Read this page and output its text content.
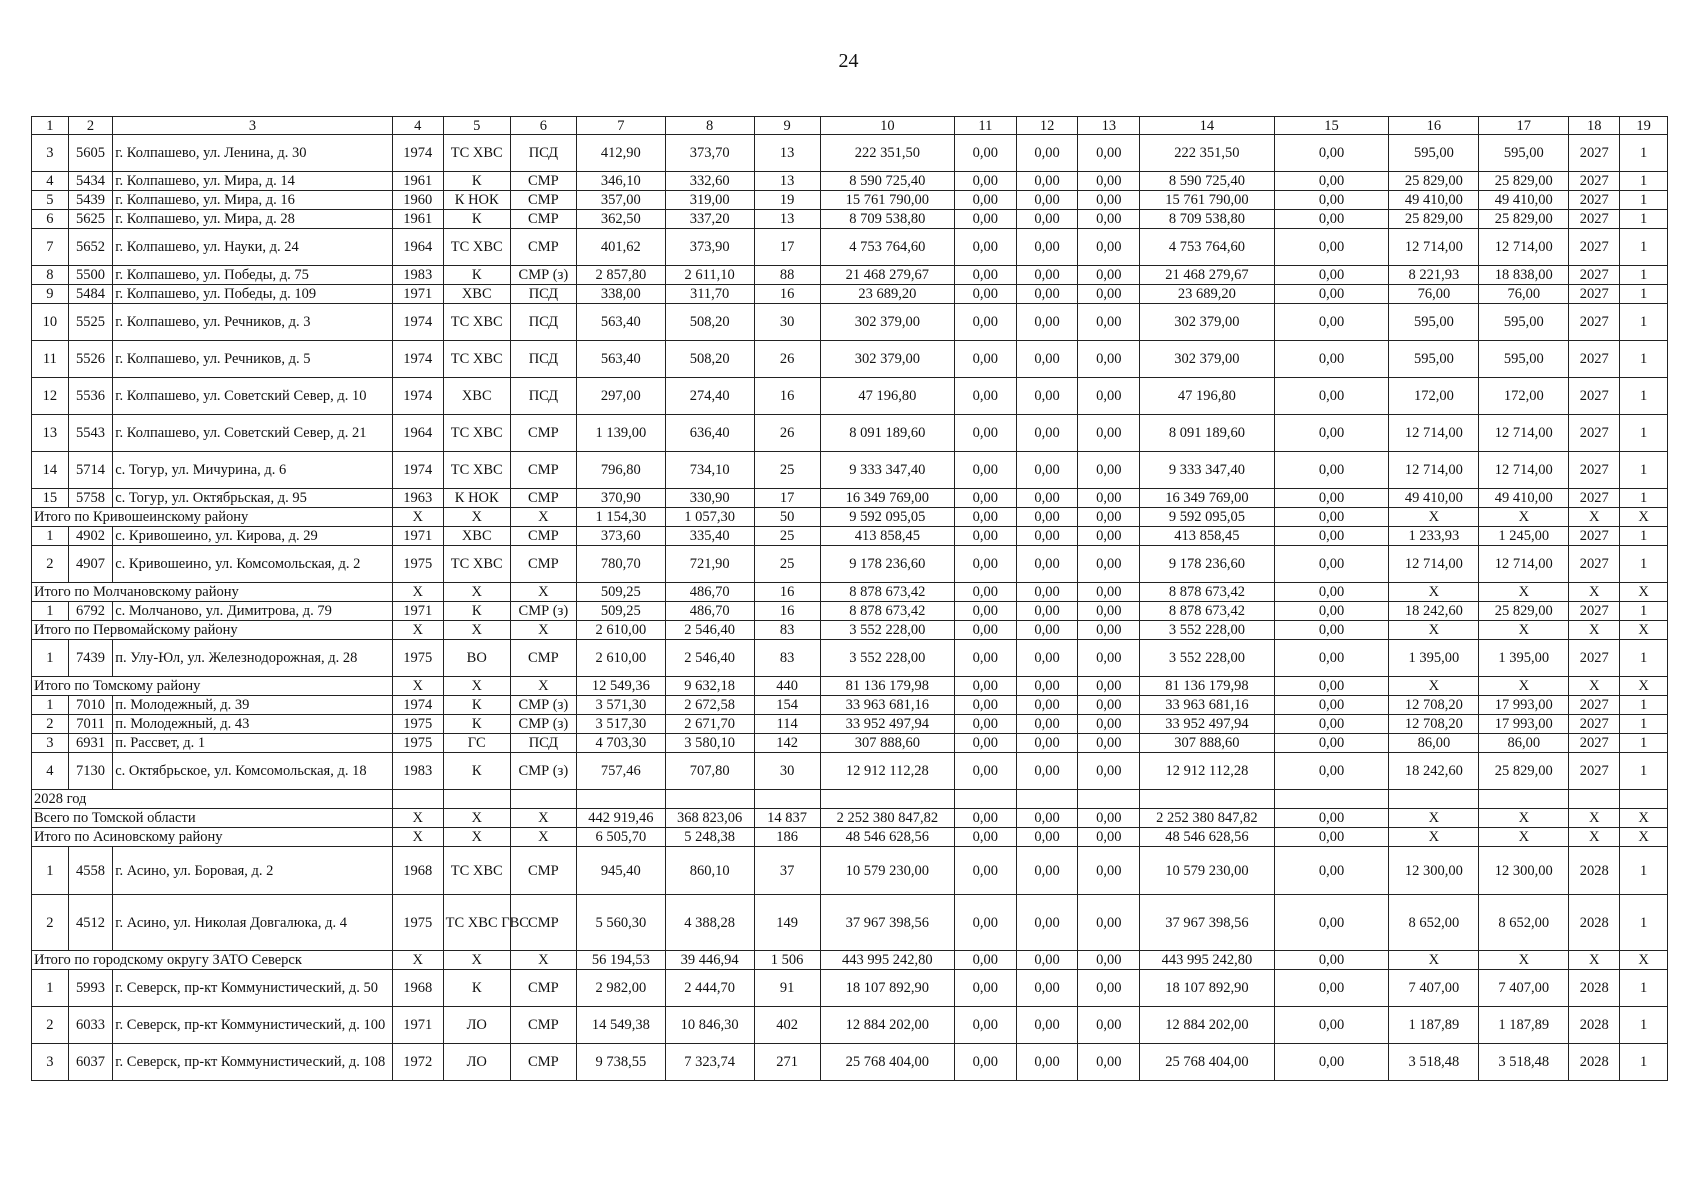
24
1	2	3	4	5	6	7	8	9	10	11	12	13	14	15	16	17	18	19
3	5605	г. Колпашево, ул. Ленина, д. 30	1974	ТС ХВС	ПСД	412,90	373,70	13	222 351,50	0,00	0,00	0,00	222 351,50	0,00	595,00	595,00	2027	1
4	5434	г. Колпашево, ул. Мира, д. 14	1961	К	СМР	346,10	332,60	13	8 590 725,40	0,00	0,00	0,00	8 590 725,40	0,00	25 829,00	25 829,00	2027	1
5	5439	г. Колпашево, ул. Мира, д. 16	1960	К НОК	СМР	357,00	319,00	19	15 761 790,00	0,00	0,00	0,00	15 761 790,00	0,00	49 410,00	49 410,00	2027	1
6	5625	г. Колпашево, ул. Мира, д. 28	1961	К	СМР	362,50	337,20	13	8 709 538,80	0,00	0,00	0,00	8 709 538,80	0,00	25 829,00	25 829,00	2027	1
7	5652	г. Колпашево, ул. Науки, д. 24	1964	ТС ХВС	СМР	401,62	373,90	17	4 753 764,60	0,00	0,00	0,00	4 753 764,60	0,00	12 714,00	12 714,00	2027	1
8	5500	г. Колпашево, ул. Победы, д. 75	1983	К	СМР (з)	2 857,80	2 611,10	88	21 468 279,67	0,00	0,00	0,00	21 468 279,67	0,00	8 221,93	18 838,00	2027	1
9	5484	г. Колпашево, ул. Победы, д. 109	1971	ХВС	ПСД	338,00	311,70	16	23 689,20	0,00	0,00	0,00	23 689,20	0,00	76,00	76,00	2027	1
10	5525	г. Колпашево, ул. Речников, д. 3	1974	ТС ХВС	ПСД	563,40	508,20	30	302 379,00	0,00	0,00	0,00	302 379,00	0,00	595,00	595,00	2027	1
11	5526	г. Колпашево, ул. Речников, д. 5	1974	ТС ХВС	ПСД	563,40	508,20	26	302 379,00	0,00	0,00	0,00	302 379,00	0,00	595,00	595,00	2027	1
12	5536	г. Колпашево, ул. Советский Север, д. 10	1974	ХВС	ПСД	297,00	274,40	16	47 196,80	0,00	0,00	0,00	47 196,80	0,00	172,00	172,00	2027	1
13	5543	г. Колпашево, ул. Советский Север, д. 21	1964	ТС ХВС	СМР	1 139,00	636,40	26	8 091 189,60	0,00	0,00	0,00	8 091 189,60	0,00	12 714,00	12 714,00	2027	1
14	5714	с. Тогур, ул. Мичурина, д. 6	1974	ТС ХВС	СМР	796,80	734,10	25	9 333 347,40	0,00	0,00	0,00	9 333 347,40	0,00	12 714,00	12 714,00	2027	1
15	5758	с. Тогур, ул. Октябрьская, д. 95	1963	К НОК	СМР	370,90	330,90	17	16 349 769,00	0,00	0,00	0,00	16 349 769,00	0,00	49 410,00	49 410,00	2027	1
Итого по Кривошеинскому району			Х	Х	Х	1 154,30	1 057,30	50	9 592 095,05	0,00	0,00	0,00	9 592 095,05	0,00	Х	Х	Х	Х
1	4902	с. Кривошеино, ул. Кирова, д. 29	1971	ХВС	СМР	373,60	335,40	25	413 858,45	0,00	0,00	0,00	413 858,45	0,00	1 233,93	1 245,00	2027	1
2	4907	с. Кривошеино, ул. Комсомольская, д. 2	1975	ТС ХВС	СМР	780,70	721,90	25	9 178 236,60	0,00	0,00	0,00	9 178 236,60	0,00	12 714,00	12 714,00	2027	1
Итого по Молчановскому району			Х	Х	Х	509,25	486,70	16	8 878 673,42	0,00	0,00	0,00	8 878 673,42	0,00	Х	Х	Х	Х
1	6792	с. Молчаново, ул. Димитрова, д. 79	1971	К	СМР (з)	509,25	486,70	16	8 878 673,42	0,00	0,00	0,00	8 878 673,42	0,00	18 242,60	25 829,00	2027	1
Итого по Первомайскому району			Х	Х	Х	2 610,00	2 546,40	83	3 552 228,00	0,00	0,00	0,00	3 552 228,00	0,00	Х	Х	Х	Х
1	7439	п. Улу-Юл, ул. Железнодорожная, д. 28	1975	ВО	СМР	2 610,00	2 546,40	83	3 552 228,00	0,00	0,00	0,00	3 552 228,00	0,00	1 395,00	1 395,00	2027	1
Итого по Томскому району			Х	Х	Х	12 549,36	9 632,18	440	81 136 179,98	0,00	0,00	0,00	81 136 179,98	0,00	Х	Х	Х	Х
1	7010	п. Молодежный, д. 39	1974	К	СМР (з)	3 571,30	2 672,58	154	33 963 681,16	0,00	0,00	0,00	33 963 681,16	0,00	12 708,20	17 993,00	2027	1
2	7011	п. Молодежный, д. 43	1975	К	СМР (з)	3 517,30	2 671,70	114	33 952 497,94	0,00	0,00	0,00	33 952 497,94	0,00	12 708,20	17 993,00	2027	1
3	6931	п. Рассвет, д. 1	1975	ГС	ПСД	4 703,30	3 580,10	142	307 888,60	0,00	0,00	0,00	307 888,60	0,00	86,00	86,00	2027	1
4	7130	с. Октябрьское, ул. Комсомольская, д. 18	1983	К	СМР (з)	757,46	707,80	30	12 912 112,28	0,00	0,00	0,00	12 912 112,28	0,00	18 242,60	25 829,00	2027	1
2028 год																		
Всего по Томской области			Х	Х	Х	442 919,46	368 823,06	14 837	2 252 380 847,82	0,00	0,00	0,00	2 252 380 847,82	0,00	Х	Х	Х	Х
Итого по Асиновскому району			Х	Х	Х	6 505,70	5 248,38	186	48 546 628,56	0,00	0,00	0,00	48 546 628,56	0,00	Х	Х	Х	Х
1	4558	г. Асино, ул. Боровая, д. 2	1968	ТС ХВС	СМР	945,40	860,10	37	10 579 230,00	0,00	0,00	0,00	10 579 230,00	0,00	12 300,00	12 300,00	2028	1
2	4512	г. Асино, ул. Николая Довгалюка, д. 4	1975	ТС ХВС ГВС	СМР	5 560,30	4 388,28	149	37 967 398,56	0,00	0,00	0,00	37 967 398,56	0,00	8 652,00	8 652,00	2028	1
Итого по городскому округу ЗАТО Северск			Х	Х	Х	56 194,53	39 446,94	1 506	443 995 242,80	0,00	0,00	0,00	443 995 242,80	0,00	Х	Х	Х	Х
1	5993	г. Северск, пр-кт Коммунистический, д. 50	1968	К	СМР	2 982,00	2 444,70	91	18 107 892,90	0,00	0,00	0,00	18 107 892,90	0,00	7 407,00	7 407,00	2028	1
2	6033	г. Северск, пр-кт Коммунистический, д. 100	1971	ЛО	СМР	14 549,38	10 846,30	402	12 884 202,00	0,00	0,00	0,00	12 884 202,00	0,00	1 187,89	1 187,89	2028	1
3	6037	г. Северск, пр-кт Коммунистический, д. 108	1972	ЛО	СМР	9 738,55	7 323,74	271	25 768 404,00	0,00	0,00	0,00	25 768 404,00	0,00	3 518,48	3 518,48	2028	1
